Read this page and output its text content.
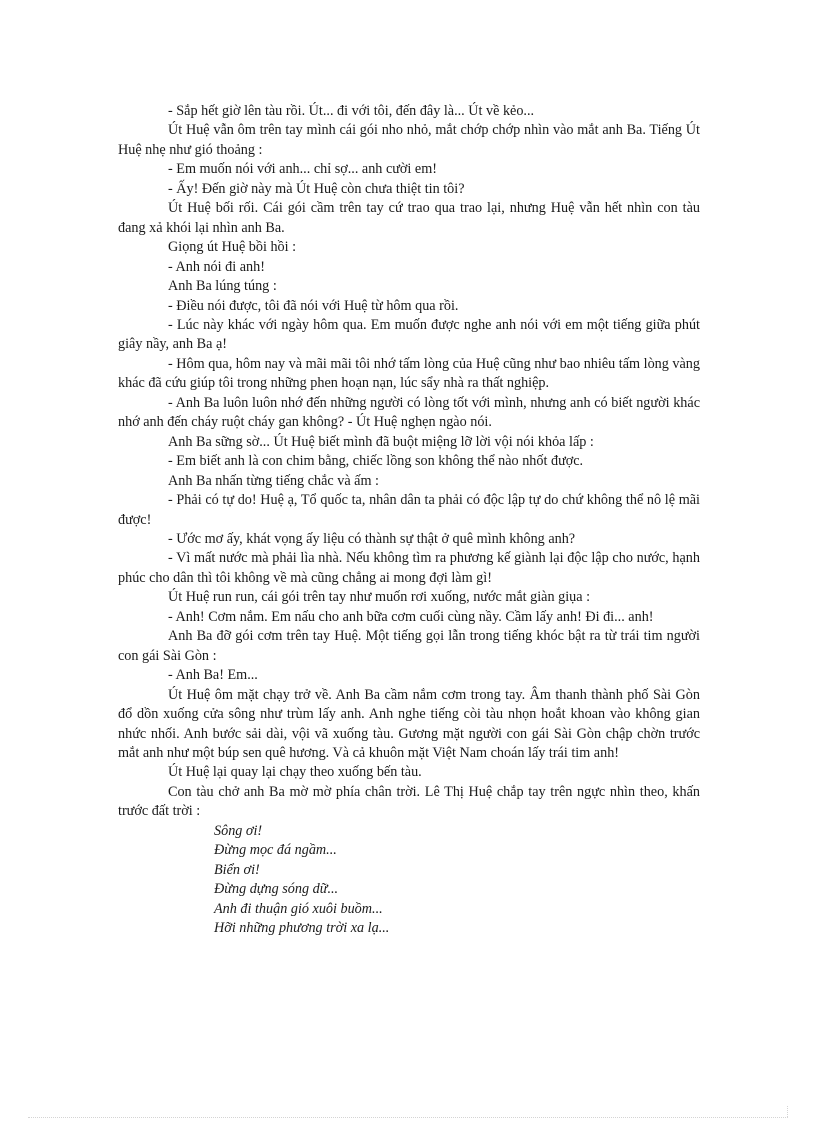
- Sắp hết giờ lên tàu rồi. Út... đi với tôi, đến đây là... Út về kẻo...

Út Huệ vẫn ôm trên tay mình cái gói nho nhỏ, mắt chớp chớp nhìn vào mắt anh Ba. Tiếng Út Huệ nhẹ như gió thoảng :

- Em muốn nói với anh... chỉ sợ... anh cười em!

- Ấy! Đến giờ này mà Út Huệ còn chưa thiệt tin tôi?

Út Huệ bối rối. Cái gói cầm trên tay cứ trao qua trao lại, nhưng Huệ vẫn hết nhìn con tàu đang xả khói lại nhìn anh Ba.

Giọng út Huệ bồi hồi :

- Anh nói đi anh!

Anh Ba lúng túng :

- Điều nói được, tôi đã nói với Huệ từ hôm qua rồi.

- Lúc này khác với ngày hôm qua. Em muốn được nghe anh nói với em một tiếng giữa phút giây nầy, anh Ba ạ!

- Hôm qua, hôm nay và mãi mãi tôi nhớ tấm lòng của Huệ cũng như bao nhiêu tấm lòng vàng khác đã cứu giúp tôi trong những phen hoạn nạn, lúc sẩy nhà ra thất nghiệp.

- Anh Ba luôn luôn nhớ đến những người có lòng tốt với mình, nhưng anh có biết người khác nhớ anh đến cháy ruột cháy gan không? - Út Huệ nghẹn ngào nói.

Anh Ba sững sờ... Út Huệ biết mình đã buột miệng lỡ lời vội nói khỏa lấp :

- Em biết anh là con chim bằng, chiếc lồng son không thể nào nhốt được.

Anh Ba nhấn từng tiếng chắc và ấm :

- Phải có tự do! Huệ ạ, Tổ quốc ta, nhân dân ta phải có độc lập tự do chứ không thể nô lệ mãi được!

- Ước mơ ấy, khát vọng ấy liệu có thành sự thật ở quê mình không anh?

- Vì mất nước mà phải lìa nhà. Nếu không tìm ra phương kế giành lại độc lập cho nước, hạnh phúc cho dân thì tôi không về mà cũng chẳng ai mong đợi làm gì!

Út Huệ run run, cái gói trên tay như muốn rơi xuống, nước mắt giàn giụa :

- Anh! Cơm nắm. Em nấu cho anh bữa cơm cuối cùng nầy. Cầm lấy anh! Đi đi... anh!

Anh Ba đỡ gói cơm trên tay Huệ. Một tiếng gọi lẫn trong tiếng khóc bật ra từ trái tim người con gái Sài Gòn :

- Anh Ba! Em...

Út Huệ ôm mặt chạy trở về. Anh Ba cầm nắm cơm trong tay. Âm thanh thành phố Sài Gòn đổ dồn xuống cửa sông như trùm lấy anh. Anh nghe tiếng còi tàu nhọn hoắt khoan vào không gian nhức nhối. Anh bước sải dài, vội vã xuống tàu. Gương mặt người con gái Sài Gòn chập chờn trước mắt anh như một búp sen quê hương. Và cả khuôn mặt Việt Nam choán lấy trái tim anh!

Út Huệ lại quay lại chạy theo xuống bến tàu.

Con tàu chở anh Ba mờ mờ phía chân trời. Lê Thị Huệ chắp tay trên ngực nhìn theo, khấn trước đất trời :

Sông ơi!
Đừng mọc đá ngầm...
Biển ơi!
Đừng dựng sóng dữ...
Anh đi thuận gió xuôi buồm...
Hỡi những phương trời xa lạ...
